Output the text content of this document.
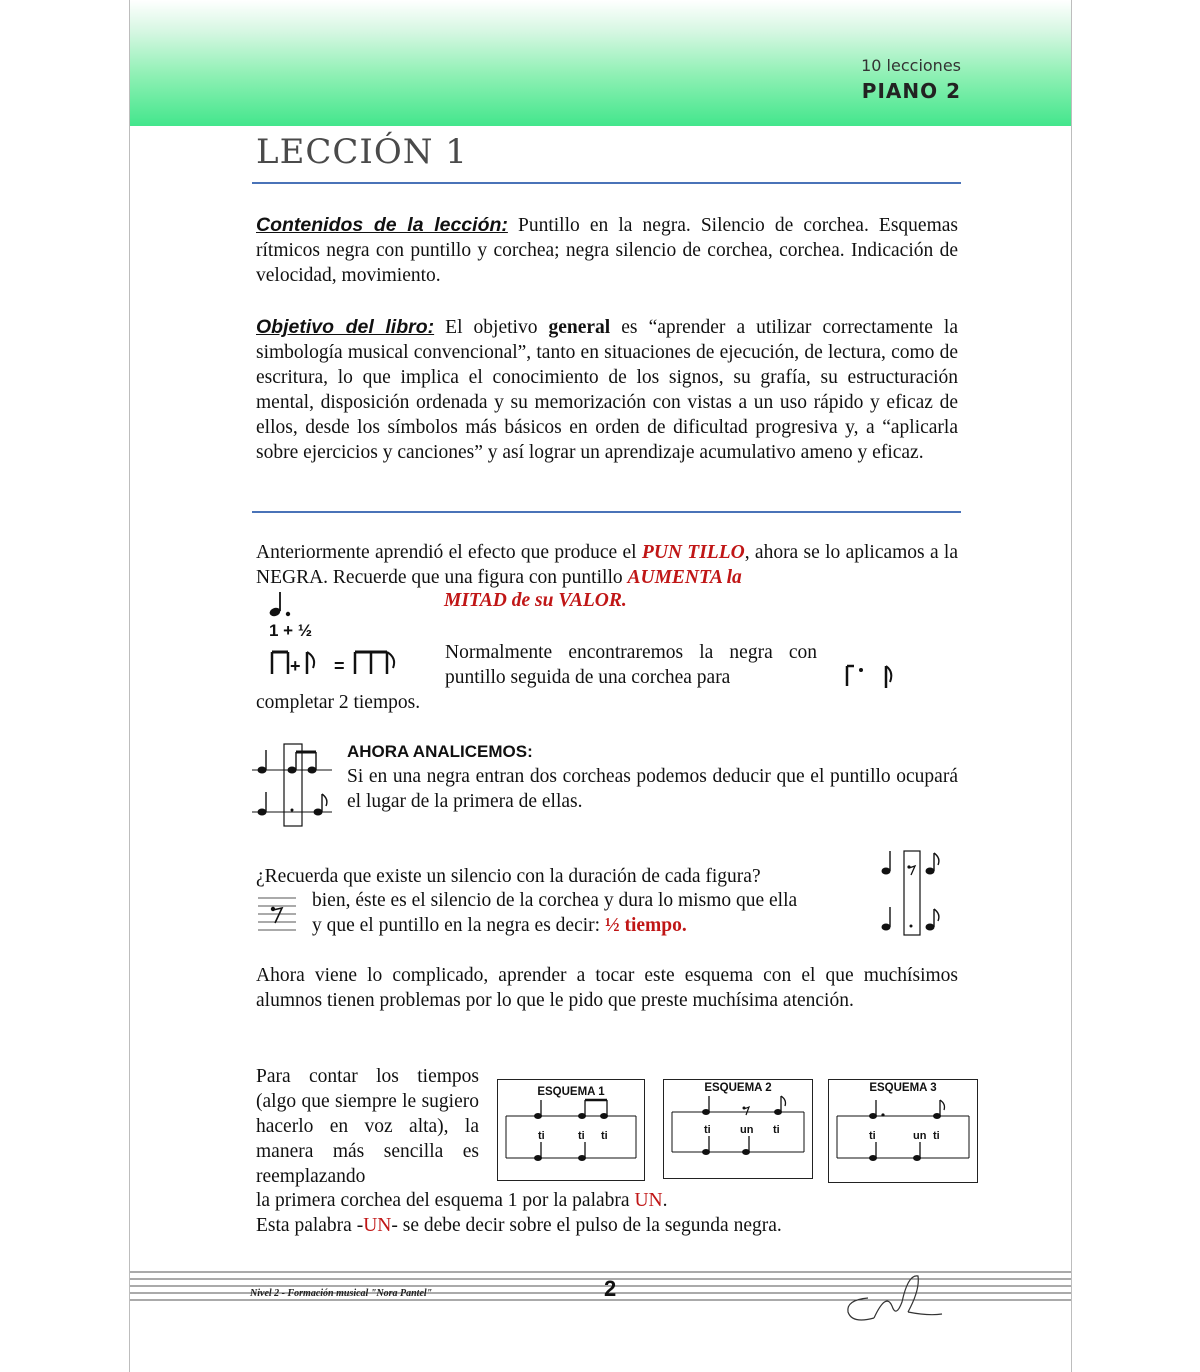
10 lecciones
PIANO 2
LECCIÓN 1
Contenidos de la lección: Puntillo en la negra. Silencio de corchea. Esquemas rítmicos negra con puntillo y corchea; negra silencio de corchea, corchea. Indicación de velocidad, movimiento.
Objetivo del libro: El objetivo general es “aprender a utilizar correctamente la simbología musical convencional”, tanto en situaciones de ejecución, de lectura, como de escritura, lo que implica el conocimiento de los signos, su grafía, su estructuración mental, disposición ordenada y su memorización con vistas a un uso rápido y eficaz de ellos, desde los símbolos más básicos en orden de dificultad progresiva y, a “aplicarla sobre ejercicios y canciones” y así lograr un aprendizaje acumulativo ameno y eficaz.
Anteriormente aprendió el efecto que produce el PUN TILLO, ahora se lo aplicamos a la NEGRA. Recuerde que una figura con puntillo AUMENTA la
MITAD de su VALOR.
1 + ½
+ =
Normalmente encontraremos la negra con puntillo seguida de una corchea para
completar 2 tiempos.
AHORA ANALICEMOS:
Si en una negra entran dos corcheas podemos deducir que el puntillo ocupará el lugar de la primera de ellas.
¿Recuerda que existe un silencio con la duración de cada figura?
bien, éste es el silencio de la corchea y dura lo mismo que ella
y que el puntillo en la negra es decir: ½ tiempo.
Ahora viene lo complicado, aprender a tocar este esquema con el que muchísimos alumnos tienen problemas por lo que le pido que preste muchísima atención.
Para contar los tiempos (algo que siempre le sugiero hacerlo en voz alta), la manera más sencilla es reemplazando
la primera corchea del esquema 1 por la palabra UN.
Esta palabra -UN- se debe decir sobre el pulso de la segunda negra.
ESQUEMA 1
ti	ti ti
ESQUEMA 2
ti	un ti
ESQUEMA 3
ti	un ti
Nivel 2 - Formación musical "Nora Pantel"	2
